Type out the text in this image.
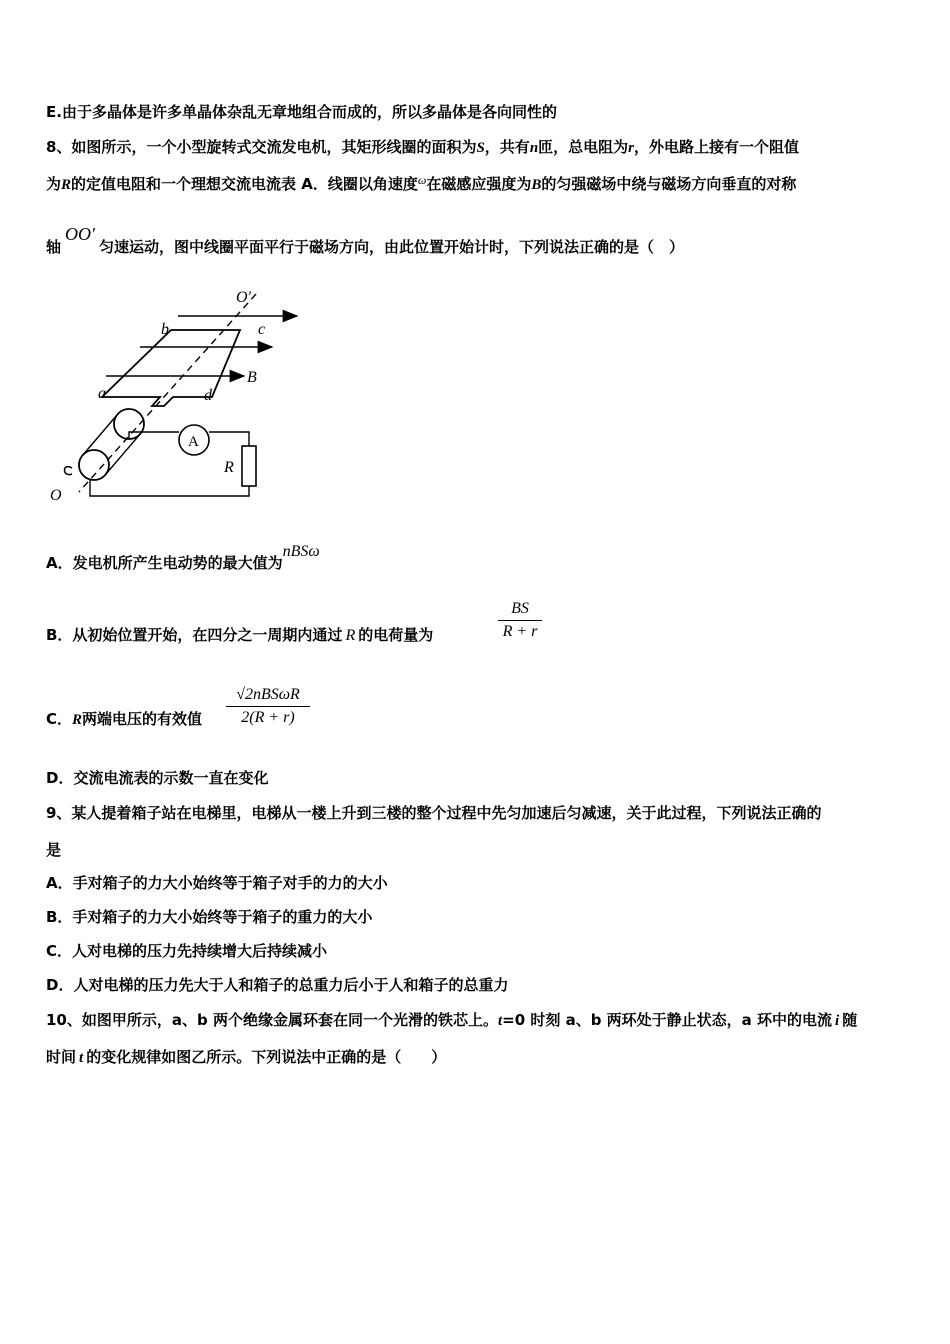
E.由于多晶体是许多单晶体杂乱无章地组合而成的，所以多晶体是各向同性的
8、如图所示，一个小型旋转式交流发电机，其矩形线圈的面积为S，共有n匝，总电阻为r，外电路上接有一个阻值
为R的定值电阻和一个理想交流电流表 A．线圈以角速度$^\omega$在磁感应强度为B的匀强磁场中绕与磁场方向垂直的对称
轴OO′匀速运动，图中线圈平面平行于磁场方向，由此位置开始计时，下列说法正确的是（　）
O′
O
a
b	c
d
B
A
R
A．发电机所产生电动势的最大值为nBSω
B．从初始位置开始，在四分之一周期内通过 R 的电荷量为
BS
R + r
C．R两端电压的有效值
√2nBSωR
2(R + r)
D．交流电流表的示数一直在变化
9、某人提着箱子站在电梯里，电梯从一楼上升到三楼的整个过程中先匀加速后匀减速，关于此过程，下列说法正确的
是
A．手对箱子的力大小始终等于箱子对手的力的大小
B．手对箱子的力大小始终等于箱子的重力的大小
C．人对电梯的压力先持续增大后持续减小
D．人对电梯的压力先大于人和箱子的总重力后小于人和箱子的总重力
10、如图甲所示，a、b 两个绝缘金属环套在同一个光滑的铁芯上。t=0 时刻 a、b 两环处于静止状态，a 环中的电流 i 随
时间 t 的变化规律如图乙所示。下列说法中正确的是（　　）
